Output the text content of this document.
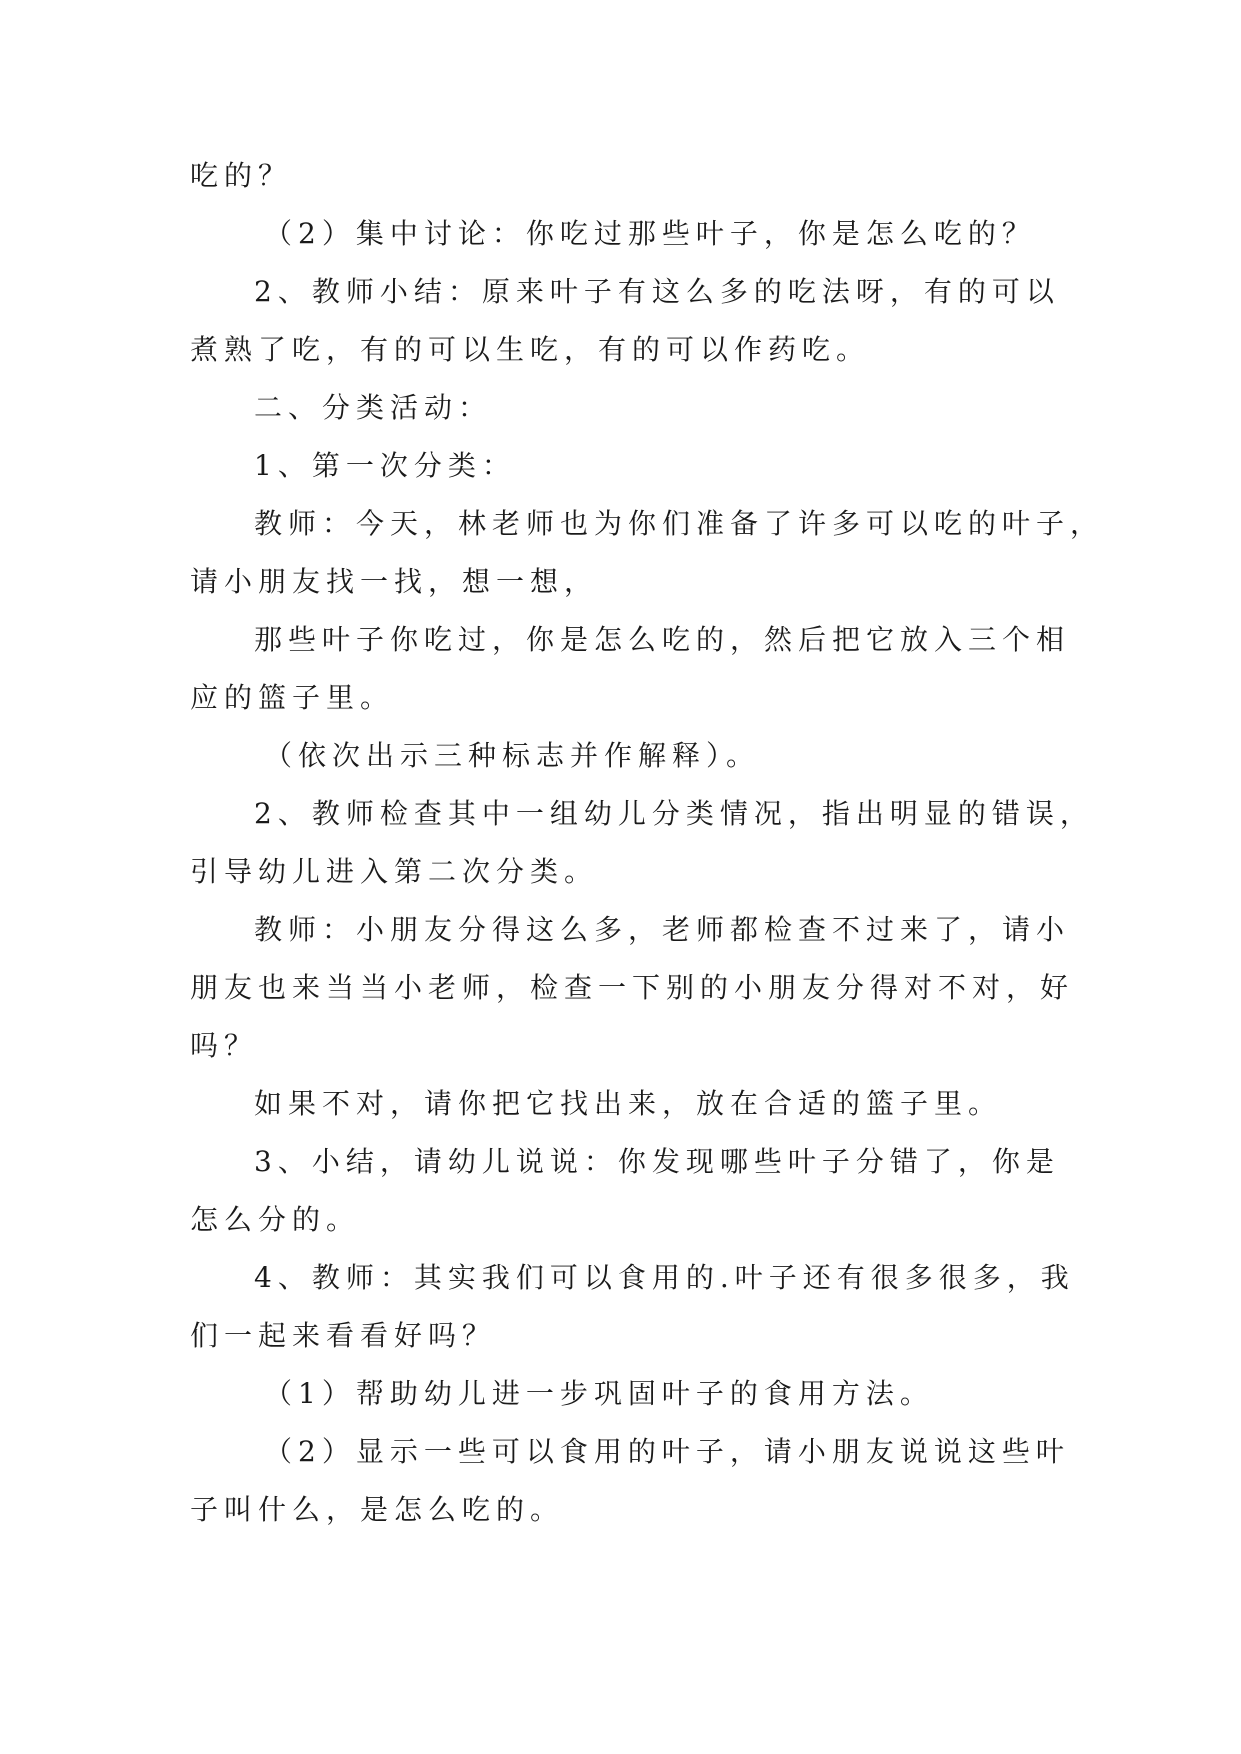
吃的？
（2）集中讨论：你吃过那些叶子，你是怎么吃的？
2、教师小结：原来叶子有这么多的吃法呀，有的可以
煮熟了吃，有的可以生吃，有的可以作药吃。
二、分类活动：
1、第一次分类：
教师：今天，林老师也为你们准备了许多可以吃的叶子，
请小朋友找一找，想一想，
那些叶子你吃过，你是怎么吃的，然后把它放入三个相
应的篮子里。
（依次出示三种标志并作解释）。
2、教师检查其中一组幼儿分类情况，指出明显的错误，
引导幼儿进入第二次分类。
教师：小朋友分得这么多，老师都检查不过来了，请小
朋友也来当当小老师，检查一下别的小朋友分得对不对，好
吗？
如果不对，请你把它找出来，放在合适的篮子里。
3、小结，请幼儿说说：你发现哪些叶子分错了，你是
怎么分的。
4、教师：其实我们可以食用的.叶子还有很多很多，我
们一起来看看好吗？
（1）帮助幼儿进一步巩固叶子的食用方法。
（2）显示一些可以食用的叶子，请小朋友说说这些叶
子叫什么，是怎么吃的。
